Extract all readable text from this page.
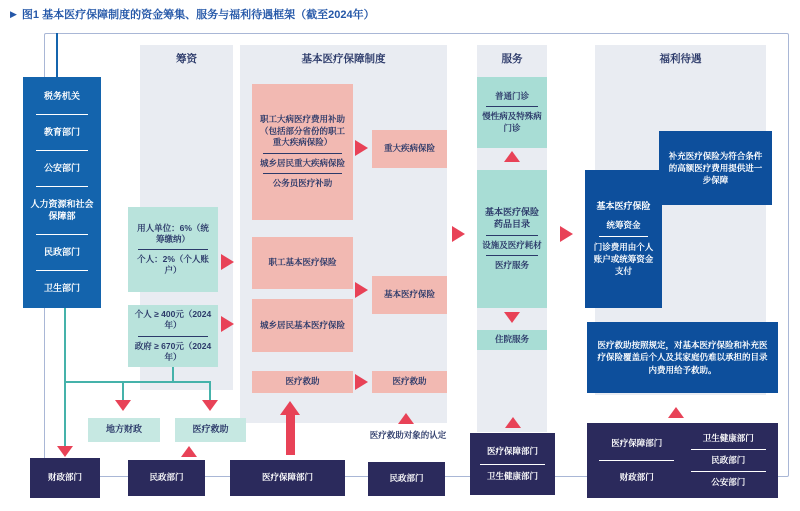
▶ 图1 基本医疗保障制度的资金筹集、服务与福利待遇框架（截至2024年）
筹资	基本医疗保障制度	服务	福利待遇
税务机关
教育部门
公安部门
人力资源和社会保障部
民政部门
卫生部门
用人单位：6%（统筹缴纳）
个人：2%（个人账户）
个人 ≥ 400元（2024年）
政府 ≥ 670元（2024年）
职工大病医疗费用补助（包括部分省份的职工重大疾病保险）
城乡居民重大疾病保险
公务员医疗补助
重大疾病保险
职工基本医疗保险
城乡居民基本医疗保险
基本医疗保险
医疗救助	医疗救助
普通门诊
慢性病及特殊病门诊
基本医疗保险药品目录
设施及医疗耗材
医疗服务
住院服务
基本医疗保险
统筹资金
门诊费用由个人账户或统筹资金支付
补充医疗保险为符合条件的高额医疗费用提供进一步保障
医疗救助按照规定，对基本医疗保险和补充医疗保险覆盖后个人及其家庭仍难以承担的目录内费用给予救助。
地方财政	医疗救助
医疗救助对象的认定
财政部门	民政部门	医疗保障部门	民政部门
医疗保障部门
卫生健康部门
医疗保障部门
财政部门
卫生健康部门
民政部门
公安部门
